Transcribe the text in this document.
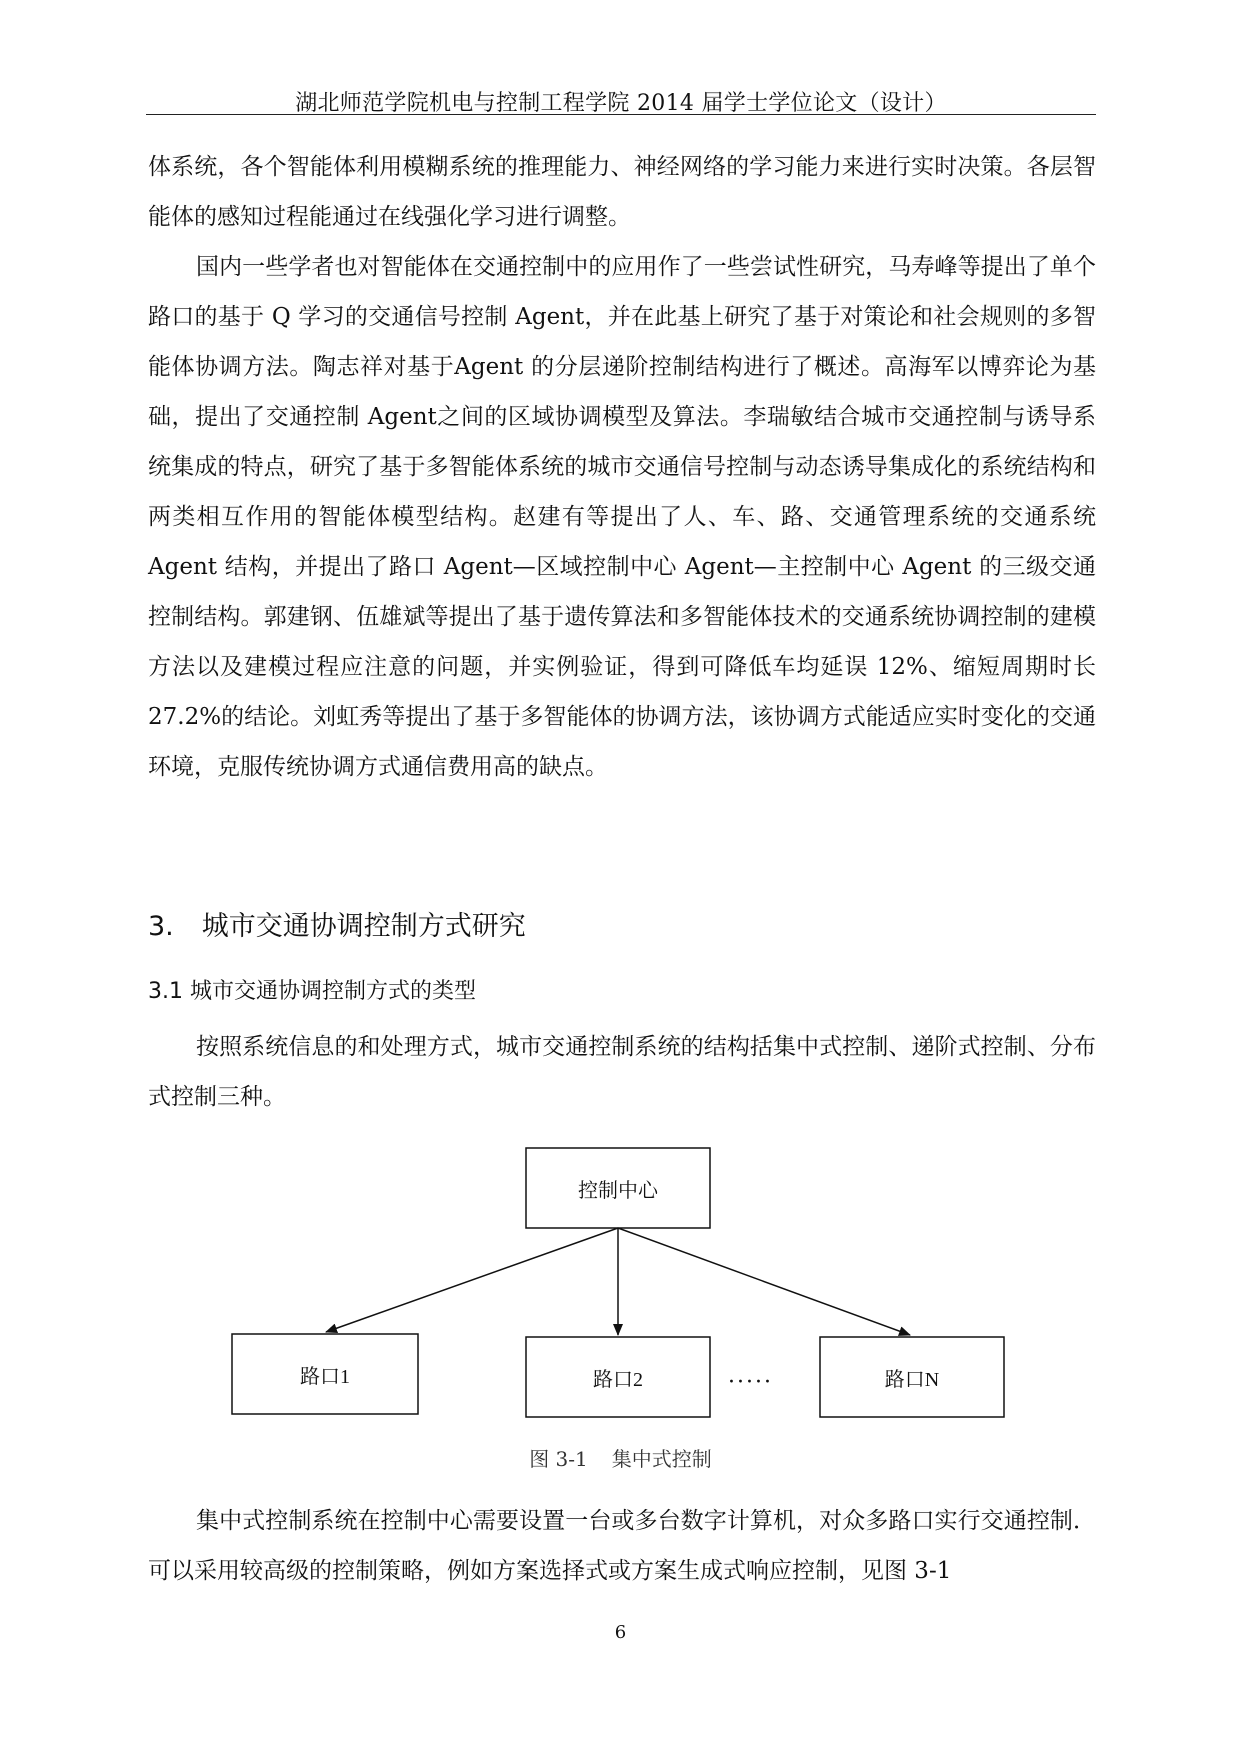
湖北师范学院机电与控制工程学院 2014 届学士学位论文（设计）
体系统，各个智能体利用模糊系统的推理能力、神经网络的学习能力来进行实时决策。各层智能体的感知过程能通过在线强化学习进行调整。
国内一些学者也对智能体在交通控制中的应用作了一些尝试性研究，马寿峰等提出了单个路口的基于 Q 学习的交通信号控制 Agent，并在此基上研究了基于对策论和社会规则的多智能体协调方法。陶志祥对基于Agent 的分层递阶控制结构进行了概述。高海军以博弈论为基础，提出了交通控制 Agent之间的区域协调模型及算法。李瑞敏结合城市交通控制与诱导系统集成的特点，研究了基于多智能体系统的城市交通信号控制与动态诱导集成化的系统结构和两类相互作用的智能体模型结构。赵建有等提出了人、车、路、交通管理系统的交通系统 Agent 结构，并提出了路口 Agent—区域控制中心 Agent—主控制中心 Agent 的三级交通控制结构。郭建钢、伍雄斌等提出了基于遗传算法和多智能体技术的交通系统协调控制的建模方法以及建模过程应注意的问题，并实例验证，得到可降低车均延误 12%、缩短周期时长 27.2%的结论。刘虹秀等提出了基于多智能体的协调方法，该协调方式能适应实时变化的交通环境，克服传统协调方式通信费用高的缺点。
3. 城市交通协调控制方式研究
3.1 城市交通协调控制方式的类型
按照系统信息的和处理方式，城市交通控制系统的结构括集中式控制、递阶式控制、分布式控制三种。
控制中心
路口1	路口2	路口N
·····
图 3-1 集中式控制
集中式控制系统在控制中心需要设置一台或多台数字计算机，对众多路口实行交通控制．可以采用较高级的控制策略，例如方案选择式或方案生成式响应控制，见图 3-1
6
